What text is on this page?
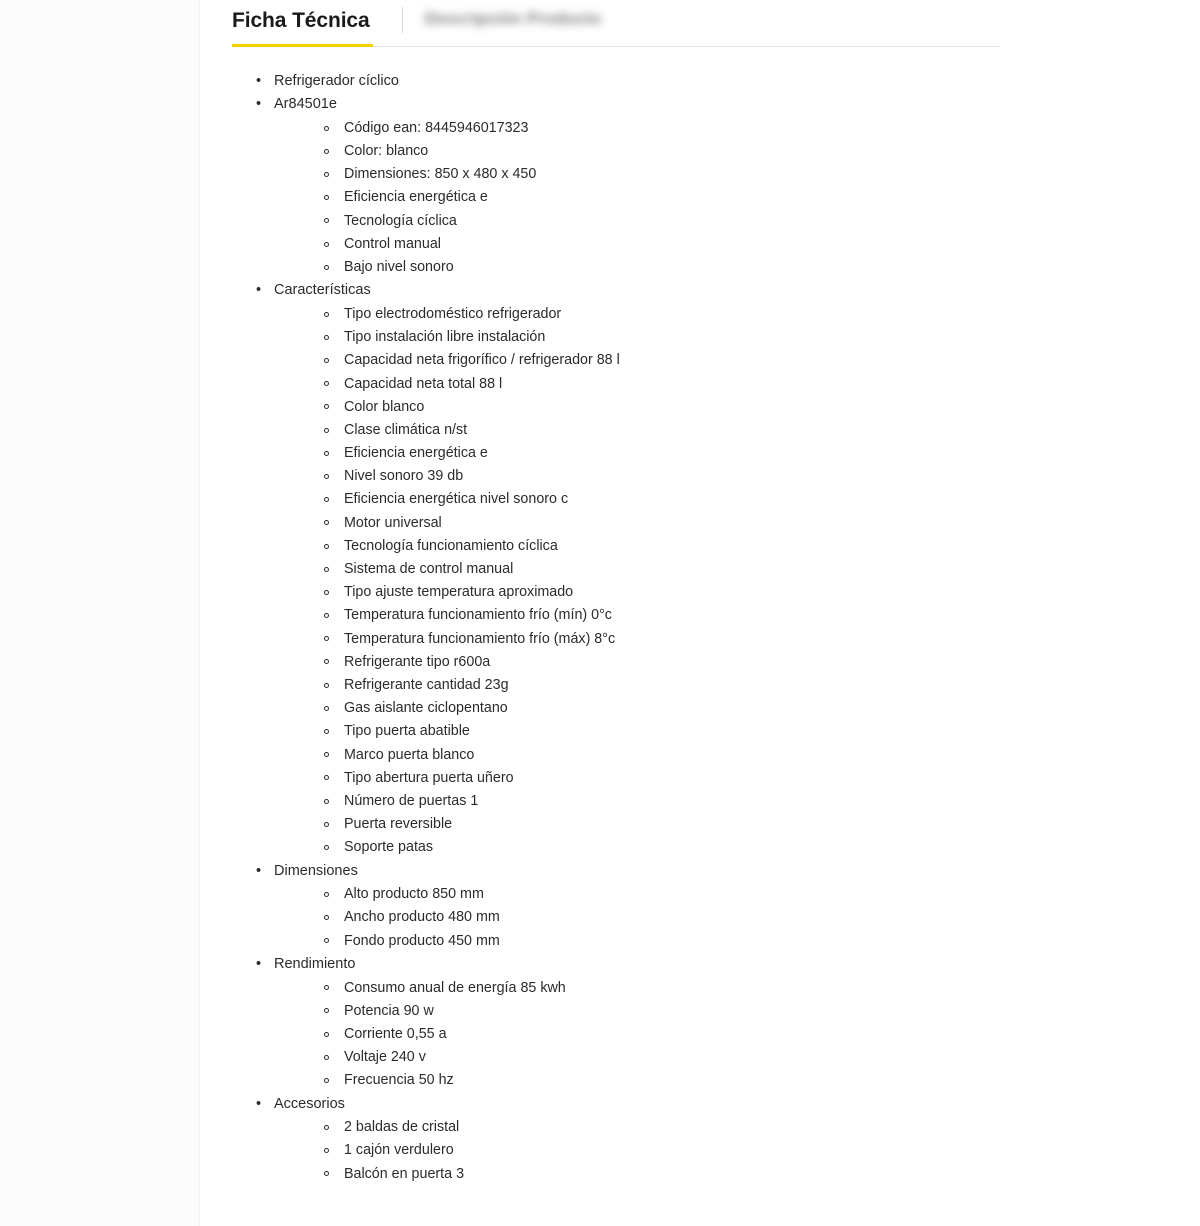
Ficha Técnica	Descripción Producto
• Refrigerador cíclico
• Ar84501e
Código ean: 8445946017323
Color: blanco
Dimensiones: 850 x 480 x 450
Eficiencia energética e
Tecnología cíclica
Control manual
Bajo nivel sonoro
• Características
Tipo electrodoméstico refrigerador
Tipo instalación libre instalación
Capacidad neta frigorífico / refrigerador 88 l
Capacidad neta total 88 l
Color blanco
Clase climática n/st
Eficiencia energética e
Nivel sonoro 39 db
Eficiencia energética nivel sonoro c
Motor universal
Tecnología funcionamiento cíclica
Sistema de control manual
Tipo ajuste temperatura aproximado
Temperatura funcionamiento frío (mín) 0°c
Temperatura funcionamiento frío (máx) 8°c
Refrigerante tipo r600a
Refrigerante cantidad 23g
Gas aislante ciclopentano
Tipo puerta abatible
Marco puerta blanco
Tipo abertura puerta uñero
Número de puertas 1
Puerta reversible
Soporte patas
• Dimensiones
Alto producto 850 mm
Ancho producto 480 mm
Fondo producto 450 mm
• Rendimiento
Consumo anual de energía 85 kwh
Potencia 90 w
Corriente 0,55 a
Voltaje 240 v
Frecuencia 50 hz
• Accesorios
2 baldas de cristal
1 cajón verdulero
Balcón en puerta 3
